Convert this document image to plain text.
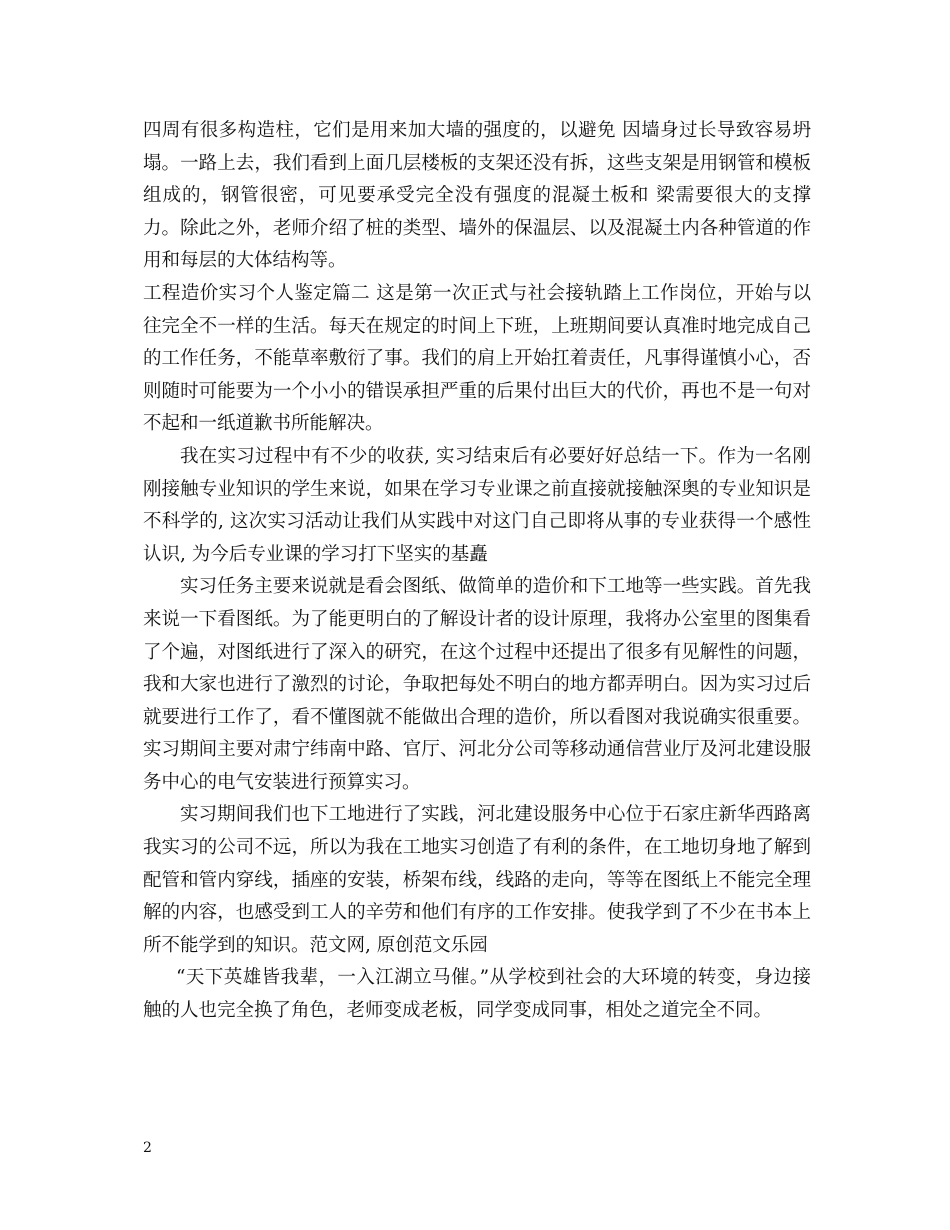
四周有很多构造柱，它们是用来加大墙的强度的，以避免 因墙身过长导致容易坍塌。一路上去，我们看到上面几层楼板的支架还没有拆，这些支架是用钢管和模板组成的，钢管很密，可见要承受完全没有强度的混凝土板和 梁需要很大的支撑力。除此之外，老师介绍了桩的类型、墙外的保温层、以及混凝土内各种管道的作用和每层的大体结构等。

工程造价实习个人鉴定篇二 这是第一次正式与社会接轨踏上工作岗位，开始与以往完全不一样的生活。每天在规定的时间上下班，上班期间要认真准时地完成自己的工作任务，不能草率敷衍了事。我们的肩上开始扛着责任，凡事得谨慎小心，否则随时可能要为一个小小的错误承担严重的后果付出巨大的代价，再也不是一句对不起和一纸道歉书所能解决。

我在实习过程中有不少的收获, 实习结束后有必要好好总结一下。作为一名刚刚接触专业知识的学生来说，如果在学习专业课之前直接就接触深奥的专业知识是不科学的, 这次实习活动让我们从实践中对这门自己即将从事的专业获得一个感性认识, 为今后专业课的学习打下坚实的基矗

实习任务主要来说就是看会图纸、做简单的造价和下工地等一些实践。首先我来说一下看图纸。为了能更明白的了解设计者的设计原理，我将办公室里的图集看了个遍，对图纸进行了深入的研究，在这个过程中还提出了很多有见解性的问题，我和大家也进行了激烈的讨论，争取把每处不明白的地方都弄明白。因为实习过后就要进行工作了，看不懂图就不能做出合理的造价，所以看图对我说确实很重要。实习期间主要对肃宁纬南中路、官厅、河北分公司等移动通信营业厅及河北建设服务中心的电气安装进行预算实习。

实习期间我们也下工地进行了实践，河北建设服务中心位于石家庄新华西路离我实习的公司不远，所以为我在工地实习创造了有利的条件，在工地切身地了解到配管和管内穿线，插座的安装，桥架布线，线路的走向，等等在图纸上不能完全理解的内容，也感受到工人的辛劳和他们有序的工作安排。使我学到了不少在书本上所不能学到的知识。范文网, 原创范文乐园

“天下英雄皆我辈，一入江湖立马催。”从学校到社会的大环境的转变，身边接触的人也完全换了角色，老师变成老板，同学变成同事，相处之道完全不同。

2
